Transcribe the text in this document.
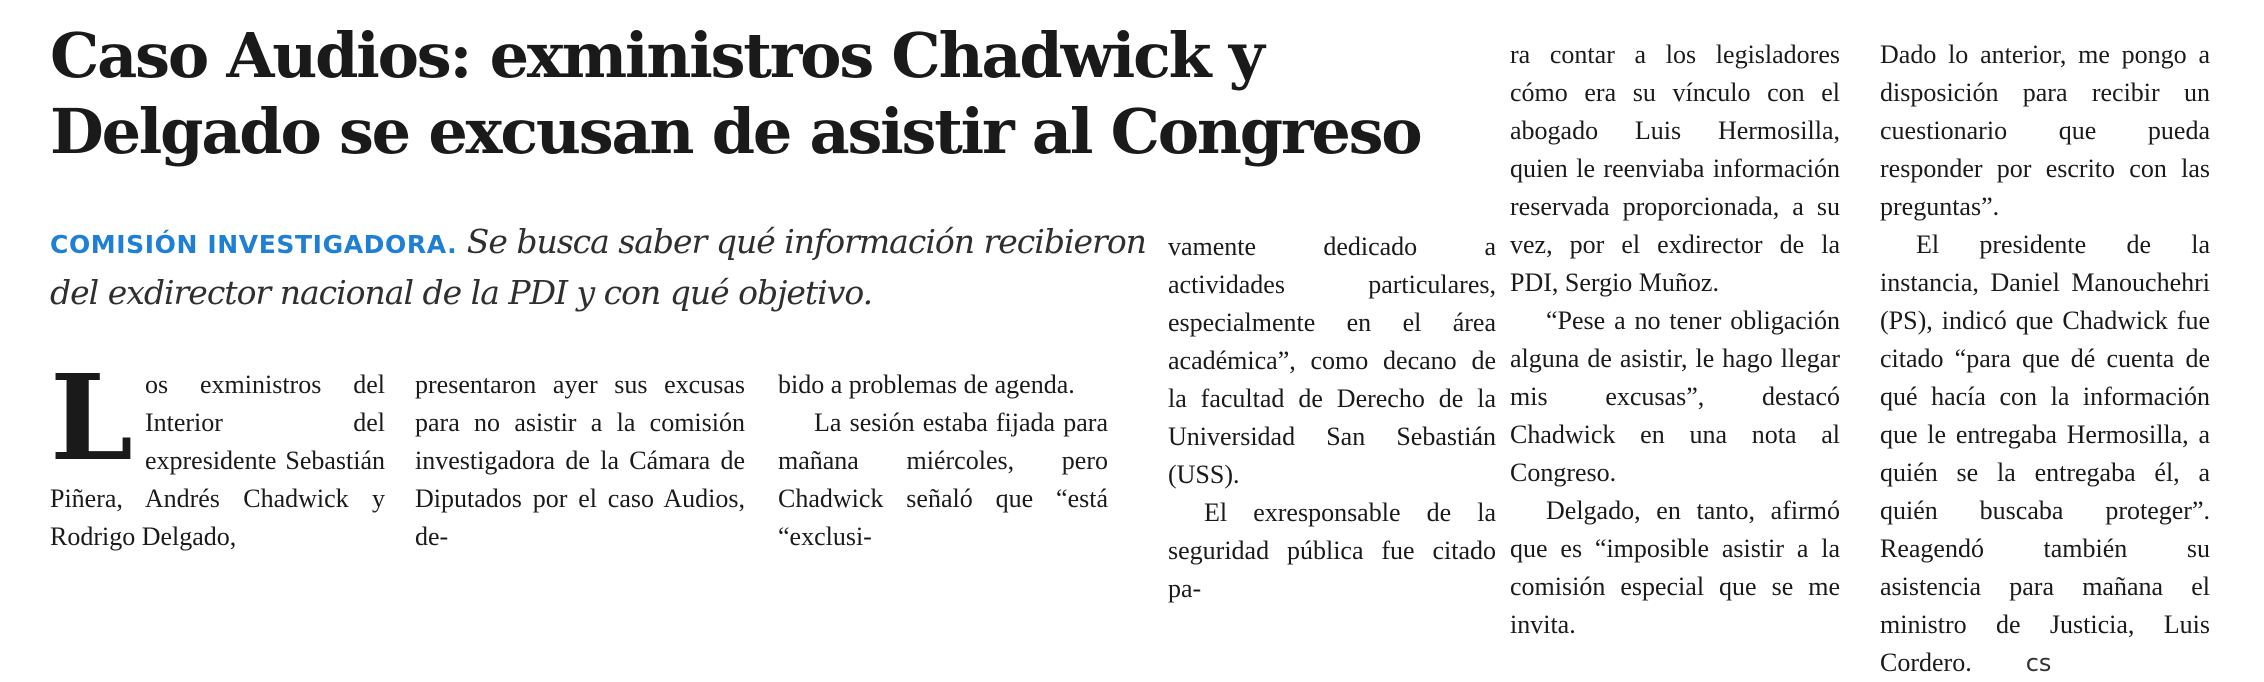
Caso Audios: exministros Chadwick y
Delgado se excusan de asistir al Congreso

COMISIÓN INVESTIGADORA. Se busca saber qué información recibieron del exdirector nacional de la PDI y con qué objetivo.

L os exministros del Interior del expresidente Sebastián Piñera, Andrés Chadwick y Rodrigo Delgado,

presentaron ayer sus excusas para no asistir a la comisión investigadora de la Cámara de Diputados por el caso Audios, de-

bido a problemas de agenda.

La sesión estaba fijada para mañana miércoles, pero Chadwick señaló que “está “exclusi-

vamente dedicado a actividades particulares, especialmente en el área académica”, como decano de la facultad de Derecho de la Universidad San Sebastián (USS).

El exresponsable de la seguridad pública fue citado pa-

ra contar a los legisladores cómo era su vínculo con el abogado Luis Hermosilla, quien le reenviaba información reservada proporcionada, a su vez, por el exdirector de la PDI, Sergio Muñoz.

“Pese a no tener obligación alguna de asistir, le hago llegar mis excusas”, destacó Chadwick en una nota al Congreso.

Delgado, en tanto, afirmó que es “imposible asistir a la comisión especial que se me invita.

Dado lo anterior, me pongo a disposición para recibir un cuestionario que pueda responder por escrito con las preguntas”.

El presidente de la instancia, Daniel Manouchehri (PS), indicó que Chadwick fue citado “para que dé cuenta de qué hacía con la información que le entregaba Hermosilla, a quién se la entregaba él, a quién buscaba proteger”. Reagendó también su asistencia para mañana el ministro de Justicia, Luis Cordero. cs
